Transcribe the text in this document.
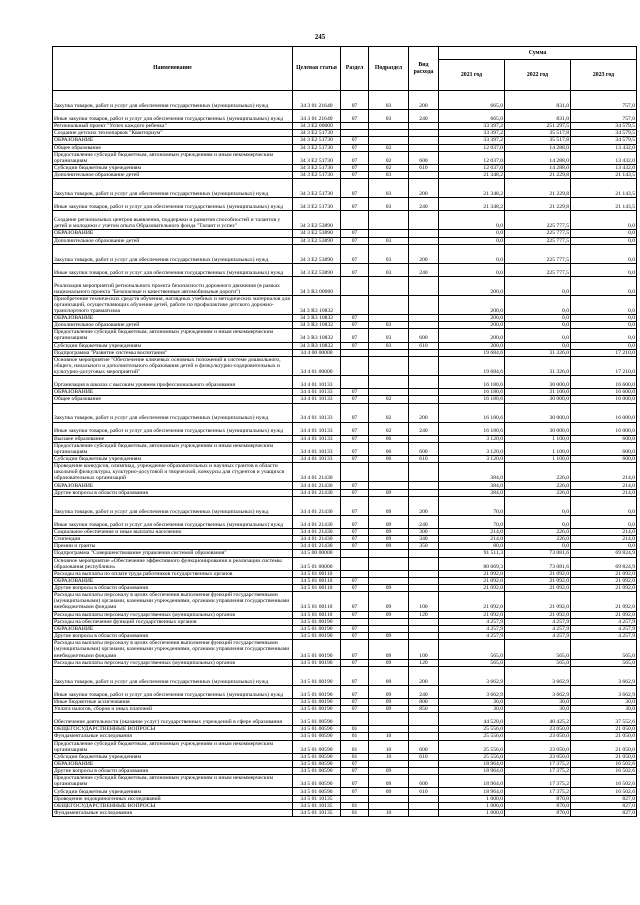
245
Наименование	Целевая статья	Раздел	Подраздел	Вид расхода	Сумма		
					2021 год	2022 год	2023 год
Закупка товаров, работ и услуг для обеспечения государственных (муниципальных) нужд	34 3 01 21640	07	03	200	665,0	831,0	757,0
Иные закупки товаров, работ и услуг для обеспечения государственных (муниципальных) нужд	34 3 01 21640	07	03	240	665,0	831,0	757,0
Региональный проект "Успех каждого ребенка"	34 3 E2 00000				33 397,2	251 297,5	34 579,5
Создание детских технопарков "Кванториум"	34 3 E2 51730				33 397,2	35 517,8	34 579,5
ОБРАЗОВАНИЕ	34 3 E2 51730	07			33 397,2	35 517,8	34 579,5
Общее образование	34 3 E2 51730	07	02		12 037,0	14 288,0	13 432,0
Предоставление субсидий бюджетным, автономным учреждениям и иным некоммерческим организациям	34 3 E2 51730	07	02	600	12 037,0	14 288,0	13 432,0
Субсидии бюджетным учреждениям	34 3 E2 51730	07	02	610	12 037,0	14 288,0	13 432,0
Дополнительное образование детей	34 3 E2 51730	07	03		21 348,2	21 229,8	21 143,5
Закупка товаров, работ и услуг для обеспечения государственных (муниципальных) нужд	34 3 E2 51730	07	03	200	21 348,2	21 229,8	21 143,5
Иные закупки товаров, работ и услуг для обеспечения государственных (муниципальных) нужд	34 3 E2 51730	07	03	240	21 348,2	21 229,8	21 143,5
Создание региональных центров выявления, поддержки и развития способностей и талантов у детей и молодежи с учетом опыта Образовательного фонда "Талант и успех"	34 3 E2 53890				0,0	225 777,5	0,0
ОБРАЗОВАНИЕ	34 3 E2 53890	07			0,0	225 777,5	0,0
Дополнительное образование детей	34 3 E2 53890	07	03		0,0	225 777,5	0,0
Закупка товаров, работ и услуг для обеспечения государственных (муниципальных) нужд	34 3 E2 53890	07	03	200	0,0	225 777,5	0,0
Иные закупки товаров, работ и услуг для обеспечения государственных (муниципальных) нужд	34 3 E2 53890	07	03	240	0,0	225 777,5	0,0
Реализация мероприятий регионального проекта безопасности дорожного движения (в рамках национального проекта "Безопасные и качественные автомобильные дороги")	34 3 R3 00000				200,0	0,0	0,0
Приобретение технических средств обучения, наглядных учебных и методических материалов для организаций, осуществляющих обучение детей, работе по профилактике детского дорожно-транспортного травматизма	34 3 R3 10832				200,0	0,0	0,0
ОБРАЗОВАНИЕ	34 3 R3 10832	07			200,0	0,0	0,0
Дополнительное образование детей	34 3 R3 10832	07	03		200,0	0,0	0,0
Предоставление субсидий бюджетным, автономным учреждениям и иным некоммерческим организациям	34 3 R3 10832	07	03	600	200,0	0,0	0,0
Субсидии бюджетным учреждениям	34 3 R3 10832	07	03	610	200,0	0,0	0,0
Подпрограмма "Развитие системы воспитания"	34 4 00 00000				19 684,6	31 326,0	17 210,0
Основное мероприятие "Обеспечение ключевых основных положений в системе дошкольного, общего, начального и дополнительного образования детей и физкультурно-оздоровительных и культурно-досуговых мероприятий"	34 4 01 00000				19 684,6	31 326,0	17 210,0
Организация в школах с высоким уровнем профессионального образования	34 4 01 10133				16 180,6	30 000,0	16 600,0
ОБРАЗОВАНИЕ	34 4 01 10133	07			16 180,6	31 100,0	16 600,0
Общее образование	34 4 01 10133	07	02		16 180,6	30 000,0	16 000,0
Закупка товаров, работ и услуг для обеспечения государственных (муниципальных) нужд	34 4 01 10133	07	02	200	16 180,6	30 000,0	16 000,0
Иные закупки товаров, работ и услуг для обеспечения государственных (муниципальных) нужд	34 4 01 10133	07	02	240	16 180,6	30 000,0	16 000,0
Высшее образование	34 4 01 10133	07	06		3 120,0	1 100,0	600,0
Предоставление субсидий бюджетным, автономным учреждениям и иным некоммерческим организациям	34 4 01 10133	07	06	600	3 120,0	1 100,0	600,0
Субсидии бюджетным учреждениям	34 4 01 10133	07	06	610	3 120,0	1 100,0	600,0
Проведение конкурсов, олимпиад, учреждение образовательных и научных грантов в области школьной физкультуры, культурно-досуговой и творческой, конкурсы для студентов и учащихся образовательных организаций	34 4 01 21430				384,0	226,0	214,0
ОБРАЗОВАНИЕ	34 4 01 21430	07			384,0	226,0	214,0
Другие вопросы в области образования	34 4 01 21430	07	09		384,0	226,0	214,0
Закупка товаров, работ и услуг для обеспечения государственных (муниципальных) нужд	34 4 01 21430	07	09	200	70,0	0,0	0,0
Иные закупки товаров, работ и услуг для обеспечения государственных (муниципальных) нужд	34 4 01 21430	07	09	240	70,0	0,0	0,0
Социальное обеспечение и иные выплаты населению	34 4 01 21430	07	09	300	214,0	226,0	214,0
Стипендии	34 4 01 21430	07	09	340	214,0	226,0	214,0
Премии и гранты	34 4 01 21430	07	09	350	80,0	0,0	0,0
Подпрограмма "Совершенствование управления системой образования"	34 5 00 00000				91 511,3	73 081,6	69 824,9
Основное мероприятие «Обеспечение эффективного функционирования и реализации системы образования республики»	34 5 01 00000				80 069,3	73 081,6	69 824,9
Расходы на выплаты по оплате труда работников государственных органов	34 5 01 00110				21 092,0	21 092,0	21 092,0
ОБРАЗОВАНИЕ	34 5 01 00110	07			21 092,0	21 092,0	21 092,0
Другие вопросы в области образования	34 5 01 00110	07	09		21 092,0	21 092,0	21 092,0
Расходы на выплаты персоналу в целях обеспечения выполнения функций государственными (муниципальными) органами, казенными учреждениями, органами управления государственными внебюджетными фондами	34 5 01 00110	07	09	100	21 092,0	21 092,0	21 092,0
Расходы на выплаты персоналу государственных (муниципальных) органов	34 5 01 00110	07	09	120	21 092,0	21 092,0	21 092,0
Расходы на обеспечение функций государственных органов	34 5 01 00190				4 257,9	4 257,9	4 257,9
ОБРАЗОВАНИЕ	34 5 01 00190	07			4 257,9	4 257,9	4 257,9
Другие вопросы в области образования	34 5 01 00190	07	09		4 257,9	4 257,9	4 257,9
Расходы на выплаты персоналу в целях обеспечения выполнения функций государственными (муниципальными) органами, казенными учреждениями, органами управления государственными внебюджетными фондами	34 5 01 00190	07	09	100	565,0	565,0	565,0
Расходы на выплаты персоналу государственных (муниципальных) органов	34 5 01 00190	07	09	120	565,0	565,0	565,0
Закупка товаров, работ и услуг для обеспечения государственных (муниципальных) нужд	34 5 01 00190	07	09	200	3 662,9	3 662,9	3 662,9
Иные закупки товаров, работ и услуг для обеспечения государственных (муниципальных) нужд	34 5 01 00190	07	09	240	3 662,9	3 662,9	3 662,9
Иные бюджетные ассигнования	34 5 01 00190	07	09	800	30,0	30,0	30,0
Уплата налогов, сборов и иных платежей	34 5 01 00190	07	09	850	30,0	30,0	30,0
Обеспечение деятельности (оказание услуг) государственных учреждений в сфере образования	34 5 01 00590				44 520,0	40 425,2	37 552,6
ОБЩЕГОСУДАРСТВЕННЫЕ ВОПРОСЫ	34 5 01 00590	01			25 556,0	23 050,0	21 050,0
Фундаментальные исследования	34 5 01 00590	01	10		25 556,0	23 050,0	21 050,0
Предоставление субсидий бюджетным, автономным учреждениям и иным некоммерческим организациям	34 5 01 00590	01	10	600	25 556,0	23 050,0	21 050,0
Субсидии бюджетным учреждениям	34 5 01 00590	01	10	610	25 556,0	23 050,0	21 050,0
ОБРАЗОВАНИЕ	34 5 01 00590	07			18 964,0	17 375,2	16 502,6
Другие вопросы в области образования	34 5 01 00590	07	09		18 964,0	17 375,2	16 502,6
Предоставление субсидий бюджетным, автономным учреждениям и иным некоммерческим организациям	34 5 01 00590	07	09	600	18 964,0	17 375,2	16 502,6
Субсидии бюджетным учреждениям	34 5 01 00590	07	09	610	18 964,0	17 375,2	16 502,6
Проведение эндокриногенных исследований	34 5 01 10135				1 000,0	870,0	827,0
ОБЩЕГОСУДАРСТВЕННЫЕ ВОПРОСЫ	34 5 01 10135	01			1 000,0	870,0	827,0
Фундаментальные исследования	34 5 01 10135	01	10		1 000,0	870,0	827,0
